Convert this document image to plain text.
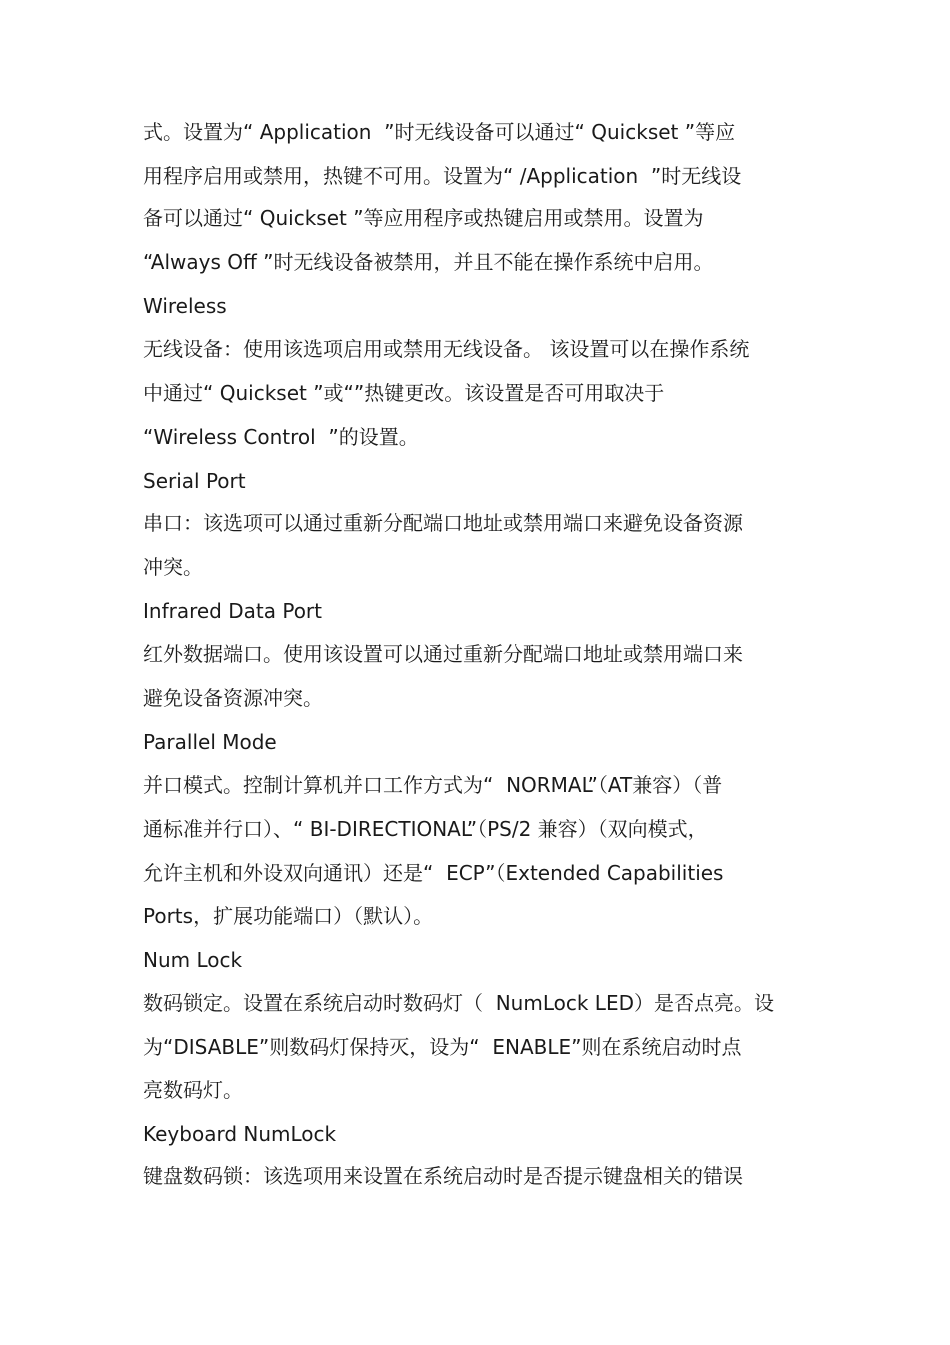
式。设置为“ Application  ”时无线设备可以通过“ Quickset ”等应
用程序启用或禁用，热键不可用。设置为“ /Application  ”时无线设
备可以通过“ Quickset ”等应用程序或热键启用或禁用。设置为
“Always Off ”时无线设备被禁用，并且不能在操作系统中启用。
Wireless
无线设备：使用该选项启用或禁用无线设备。 该设置可以在操作系统
中通过“ Quickset ”或“”热键更改。该设置是否可用取决于
“Wireless Control  ”的设置。
Serial Port
串口：该选项可以通过重新分配端口地址或禁用端口来避免设备资源
冲突。
Infrared Data Port
红外数据端口。使用该设置可以通过重新分配端口地址或禁用端口来
避免设备资源冲突。
Parallel Mode
并口模式。控制计算机并口工作方式为“  NORMAL”（AT兼容）（普
通标准并行口）、“ BI-DIRECTIONAL”（PS/2 兼容）（双向模式，
允许主机和外设双向通讯）还是“  ECP”（Extended Capabilities
Ports，扩展功能端口）（默认）。
Num Lock
数码锁定。设置在系统启动时数码灯（  NumLock LED）是否点亮。设
为“DISABLE”则数码灯保持灭，设为“  ENABLE”则在系统启动时点
亮数码灯。
Keyboard NumLock
键盘数码锁：该选项用来设置在系统启动时是否提示键盘相关的错误
